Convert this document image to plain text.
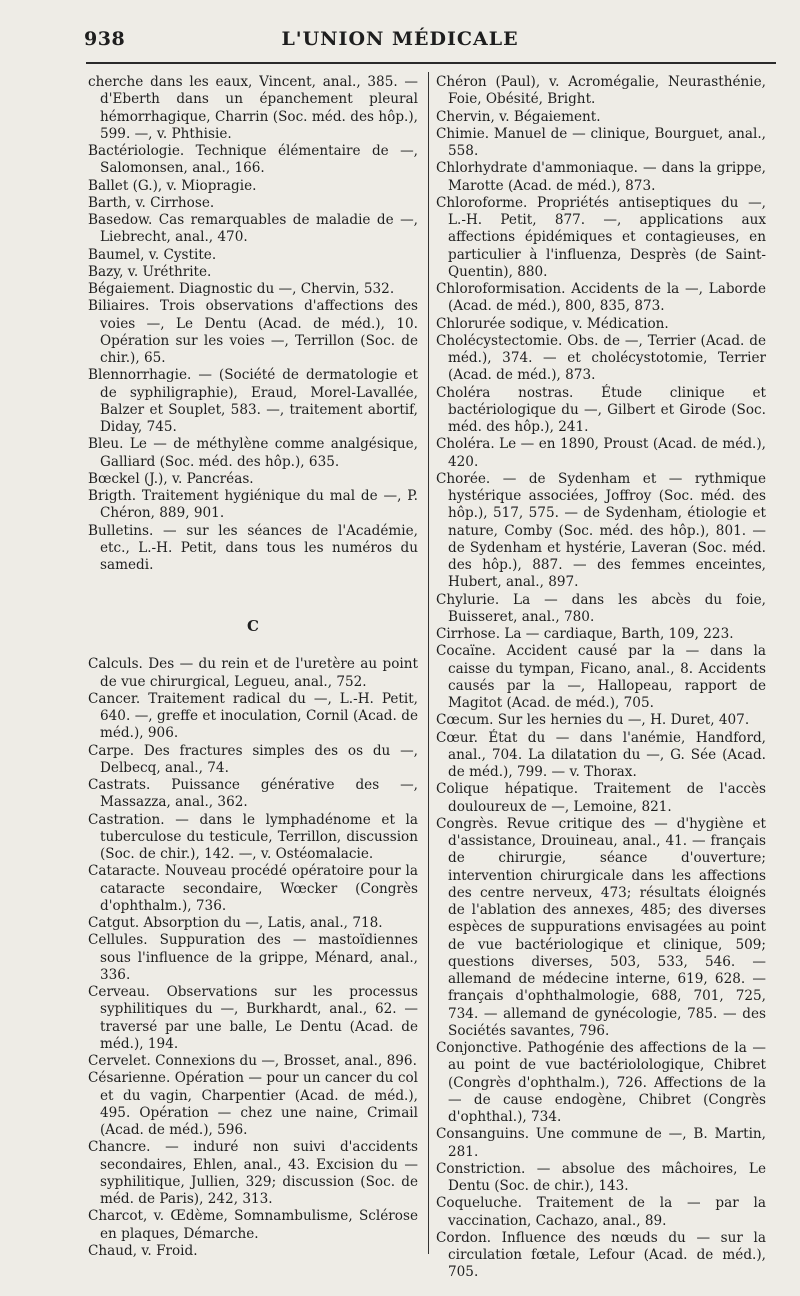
938	L'UNION MÉDICALE
cherche dans les eaux, Vincent, anal., 385. — d'Eberth dans un épanchement pleural hémorrhagique, Charrin (Soc. méd. des hôp.), 599. —, v. Phthisie.
Bactériologie. Technique élémentaire de —, Salomonsen, anal., 166.
Ballet (G.), v. Miopragie.
Barth, v. Cirrhose.
Basedow. Cas remarquables de maladie de —, Liebrecht, anal., 470.
Baumel, v. Cystite.
Bazy, v. Uréthrite.
Bégaiement. Diagnostic du —, Chervin, 532.
Biliaires. Trois observations d'affections des voies —, Le Dentu (Acad. de méd.), 10. Opération sur les voies —, Terrillon (Soc. de chir.), 65.
Blennorrhagie. — (Société de dermatologie et de syphiligraphie), Eraud, Morel-Lavallée, Balzer et Souplet, 583. —, traitement abortif, Diday, 745.
Bleu. Le — de méthylène comme analgésique, Galliard (Soc. méd. des hôp.), 635.
Bœckel (J.), v. Pancréas.
Brigth. Traitement hygiénique du mal de —, P. Chéron, 889, 901.
Bulletins. — sur les séances de l'Académie, etc., L.-H. Petit, dans tous les numéros du samedi.
C
Calculs. Des — du rein et de l'uretère au point de vue chirurgical, Legueu, anal., 752.
Cancer. Traitement radical du —, L.-H. Petit, 640. —, greffe et inoculation, Cornil (Acad. de méd.), 906.
Carpe. Des fractures simples des os du —, Delbecq, anal., 74.
Castrats. Puissance générative des —, Massazza, anal., 362.
Castration. — dans le lymphadénome et la tuberculose du testicule, Terrillon, discussion (Soc. de chir.), 142. —, v. Ostéomalacie.
Cataracte. Nouveau procédé opératoire pour la cataracte secondaire, Wœcker (Congrès d'ophthalm.), 736.
Catgut. Absorption du —, Latis, anal., 718.
Cellules. Suppuration des — mastoïdiennes sous l'influence de la grippe, Ménard, anal., 336.
Cerveau. Observations sur les processus syphilitiques du —, Burkhardt, anal., 62. — traversé par une balle, Le Dentu (Acad. de méd.), 194.
Cervelet. Connexions du —, Brosset, anal., 896.
Césarienne. Opération — pour un cancer du col et du vagin, Charpentier (Acad. de méd.), 495. Opération — chez une naine, Crimail (Acad. de méd.), 596.
Chancre. — induré non suivi d'accidents secondaires, Ehlen, anal., 43. Excision du — syphilitique, Jullien, 329; discussion (Soc. de méd. de Paris), 242, 313.
Charcot, v. Œdème, Somnambulisme, Sclérose en plaques, Démarche.
Chaud, v. Froid.
Chéron (Paul), v. Acromégalie, Neurasthénie, Foie, Obésité, Bright.
Chervin, v. Bégaiement.
Chimie. Manuel de — clinique, Bourguet, anal., 558.
Chlorhydrate d'ammoniaque. — dans la grippe, Marotte (Acad. de méd.), 873.
Chloroforme. Propriétés antiseptiques du —, L.-H. Petit, 877. —, applications aux affections épidémiques et contagieuses, en particulier à l'influenza, Desprès (de Saint-Quentin), 880.
Chloroformisation. Accidents de la —, Laborde (Acad. de méd.), 800, 835, 873.
Chlorurée sodique, v. Médication.
Cholécystectomie. Obs. de —, Terrier (Acad. de méd.), 374. — et cholécystotomie, Terrier (Acad. de méd.), 873.
Choléra nostras. Étude clinique et bactériologique du —, Gilbert et Girode (Soc. méd. des hôp.), 241.
Choléra. Le — en 1890, Proust (Acad. de méd.), 420.
Chorée. — de Sydenham et — rythmique hystérique associées, Joffroy (Soc. méd. des hôp.), 517, 575. — de Sydenham, étiologie et nature, Comby (Soc. méd. des hôp.), 801. — de Sydenham et hystérie, Laveran (Soc. méd. des hôp.), 887. — des femmes enceintes, Hubert, anal., 897.
Chylurie. La — dans les abcès du foie, Buisseret, anal., 780.
Cirrhose. La — cardiaque, Barth, 109, 223.
Cocaïne. Accident causé par la — dans la caisse du tympan, Ficano, anal., 8. Accidents causés par la —, Hallopeau, rapport de Magitot (Acad. de méd.), 705.
Cœcum. Sur les hernies du —, H. Duret, 407.
Cœur. État du — dans l'anémie, Handford, anal., 704. La dilatation du —, G. Sée (Acad. de méd.), 799. — v. Thorax.
Colique hépatique. Traitement de l'accès douloureux de —, Lemoine, 821.
Congrès. Revue critique des — d'hygiène et d'assistance, Drouineau, anal., 41. — français de chirurgie, séance d'ouverture; intervention chirurgicale dans les affections des centre nerveux, 473; résultats éloignés de l'ablation des annexes, 485; des diverses espèces de suppurations envisagées au point de vue bactériologique et clinique, 509; questions diverses, 503, 533, 546. — allemand de médecine interne, 619, 628. — français d'ophthalmologie, 688, 701, 725, 734. — allemand de gynécologie, 785. — des Sociétés savantes, 796.
Conjonctive. Pathogénie des affections de la — au point de vue bactériolologique, Chibret (Congrès d'ophthalm.), 726. Affections de la — de cause endogène, Chibret (Congrès d'ophthal.), 734.
Consanguins. Une commune de —, B. Martin, 281.
Constriction. — absolue des mâchoires, Le Dentu (Soc. de chir.), 143.
Coqueluche. Traitement de la — par la vaccination, Cachazo, anal., 89.
Cordon. Influence des nœuds du — sur la circulation fœtale, Lefour (Acad. de méd.), 705.
